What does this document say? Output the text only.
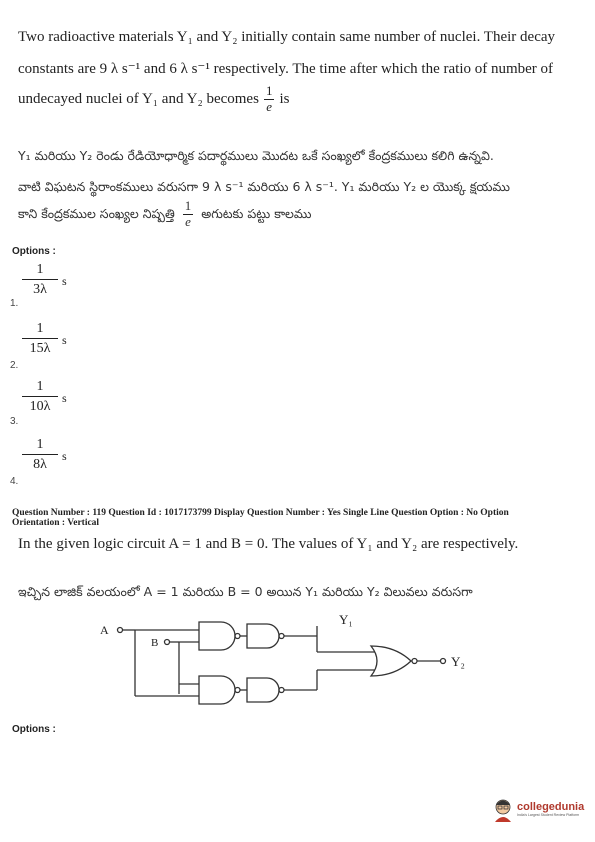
Two radioactive materials Y₁ and Y₂ initially contain same number of nuclei. Their decay
constants are 9 λ s⁻¹ and 6 λ s⁻¹ respectively. The time after which the ratio of number of
undecayed nuclei of Y₁ and Y₂ becomes $\frac{1}{e}$ is
Y₁ మరియు Y₂ రెండు రేడియోధార్మిక పదార్థములు మొదట ఒకే సంఖ్యలో కేంద్రకములు కలిగి ఉన్నవి.
వాటి విఘటన స్థిరాంకములు వరుసగా 9 λ s⁻¹ మరియు 6 λ s⁻¹. Y₁ మరియు Y₂ ల యొక్క క్షయము
కాని కేంద్రకముల సంఖ్యల నిష్పత్తి $\frac{1}{e}$ అగుటకు పట్టు కాలము
Options :
1
3λ
s
1.
1
15λ
s
2.
1
10λ
s
3.
1
8λ
s
4.
Question Number : 119 Question Id : 1017173799 Display Question Number : Yes Single Line Question Option : No Option
Orientation : Vertical
In the given logic circuit A = 1 and B = 0. The values of Y₁ and Y₂ are respectively.
ఇచ్చిన లాజిక్ వలయంలో A = 1 మరియు B = 0 అయిన Y₁ మరియు Y₂ విలువలు వరుసగా
A
B
Y₁
Y₂
Options :
collegedunia
India's Largest Student Review Platform
